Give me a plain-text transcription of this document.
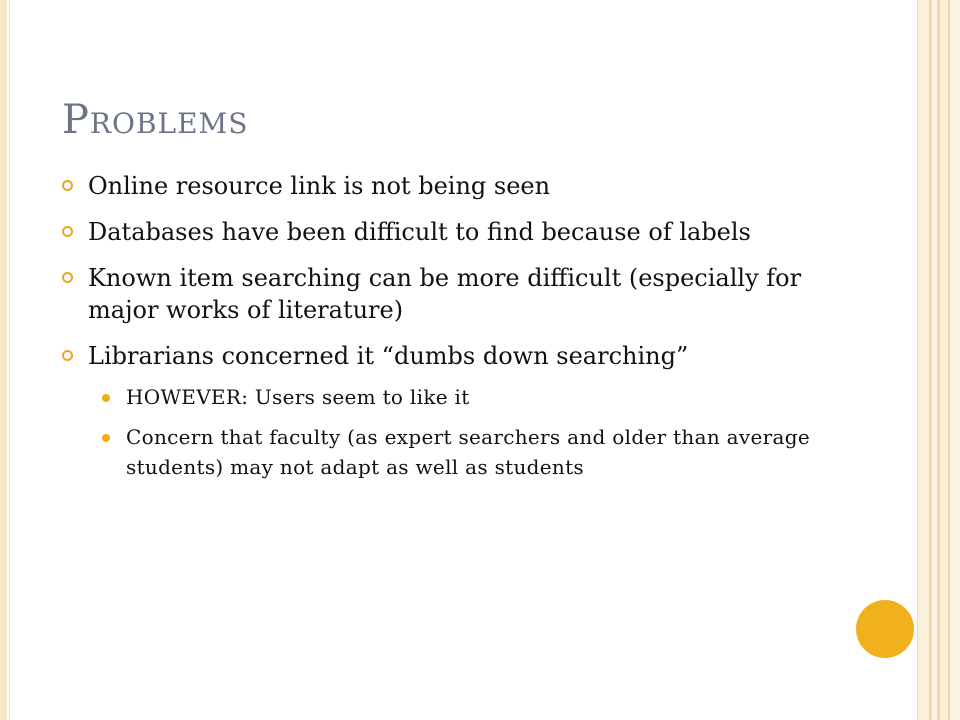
Problems
Online resource link is not being seen
Databases have been difficult to find because of labels
Known item searching can be more difficult (especially for major works of literature)
Librarians concerned it “dumbs down searching”
HOWEVER: Users seem to like it
Concern that faculty (as expert searchers and older than average students) may not adapt as well as students
